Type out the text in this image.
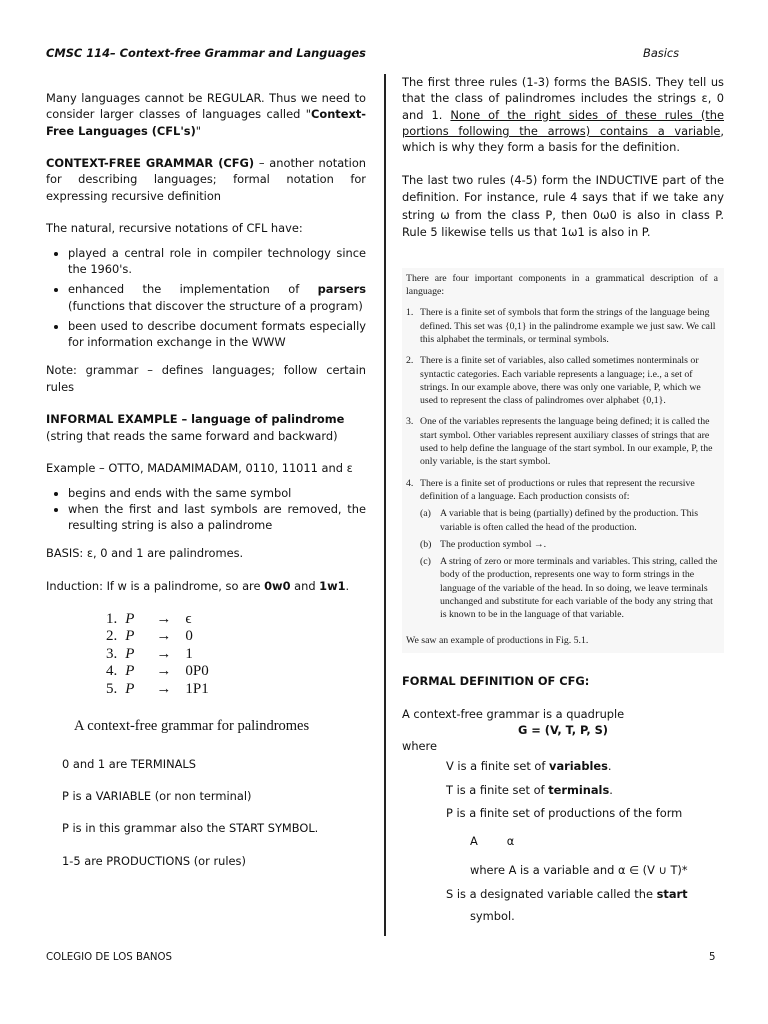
CMSC 114– Context-free Grammar and Languages	Basics

Many languages cannot be REGULAR. Thus we need to consider larger classes of languages called "Context-Free Languages (CFL's)"

CONTEXT-FREE GRAMMAR (CFG) – another notation for describing languages; formal notation for expressing recursive definition

The natural, recursive notations of CFL have:

• played a central role in compiler technology since the 1960's.
• enhanced the implementation of parsers (functions that discover the structure of a program)
• been used to describe document formats especially for information exchange in the WWW

Note: grammar – defines languages; follow certain rules

INFORMAL EXAMPLE – language of palindrome
(string that reads the same forward and backward)

Example – OTTO, MADAMIMADAM, 0110, 11011 and ε

• begins and ends with the same symbol
• when the first and last symbols are removed, the resulting string is also a palindrome

BASIS: ε, 0 and 1 are palindromes.

Induction: If w is a palindrome, so are 0w0 and 1w1.

1.	P	→	ϵ
2.	P	→	0
3.	P	→	1
4.	P	→	0P0
5.	P	→	1P1
A context-free grammar for palindromes

0 and 1 are TERMINALS

P is a VARIABLE (or non terminal)

P is in this grammar also the START SYMBOL.

1-5 are PRODUCTIONS (or rules)

The first three rules (1-3) forms the BASIS. They tell us that the class of palindromes includes the strings ε, 0 and 1. None of the right sides of these rules (the portions following the arrows) contains a variable, which is why they form a basis for the definition.

The last two rules (4-5) form the INDUCTIVE part of the definition. For instance, rule 4 says that if we take any string ω from the class P, then 0ω0 is also in class P. Rule 5 likewise tells us that 1ω1 is also in P.

There are four important components in a grammatical description of a language:

1. There is a finite set of symbols that form the strings of the language being defined. This set was {0,1} in the palindrome example we just saw. We call this alphabet the terminals, or terminal symbols.
2. There is a finite set of variables, also called sometimes nonterminals or syntactic categories. Each variable represents a language; i.e., a set of strings. In our example above, there was only one variable, P, which we used to represent the class of palindromes over alphabet {0,1}.
3. One of the variables represents the language being defined; it is called the start symbol. Other variables represent auxiliary classes of strings that are used to help define the language of the start symbol. In our example, P, the only variable, is the start symbol.
4. There is a finite set of productions or rules that represent the recursive definition of a language. Each production consists of:
(a) A variable that is being (partially) defined by the production. This variable is often called the head of the production.
(b) The production symbol →.
(c) A string of zero or more terminals and variables. This string, called the body of the production, represents one way to form strings in the language of the variable of the head. In so doing, we leave terminals unchanged and substitute for each variable of the body any string that is known to be in the language of that variable.

We saw an example of productions in Fig. 5.1.

FORMAL DEFINITION OF CFG:

A context-free grammar is a quadruple

G = (V, T, P, S)

where

V is a finite set of variables.
T is a finite set of terminals.
P is a finite set of productions of the form
A        α
where A is a variable and α ∈ (V ∪ T)*
S is a designated variable called the start
symbol.
COLEGIO DE LOS BANOS	5
